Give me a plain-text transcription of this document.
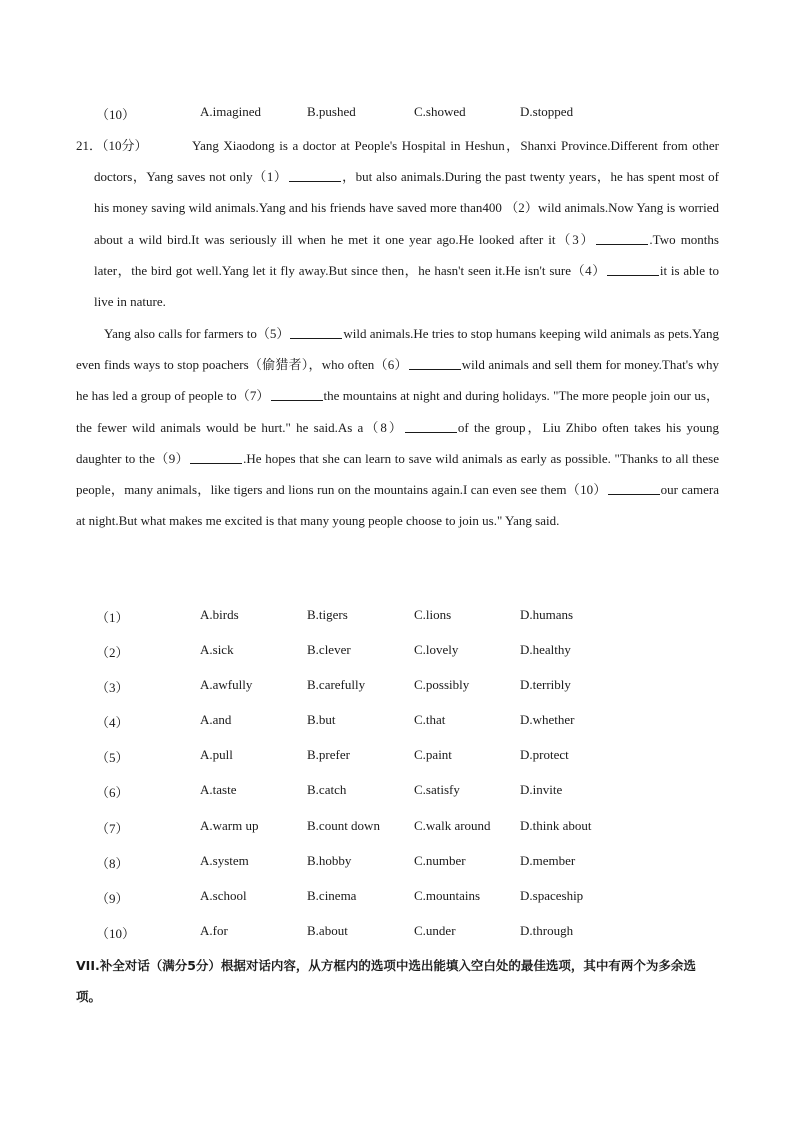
（10）	A.imagined	B.pushed	C.showed	D.stopped

21．（10分）	Yang Xiaodong is a doctor at People's Hospital in Heshun，Shanxi Province.Different from other doctors，Yang saves not only（1）	，but also animals.During the past twenty years，he has spent most of his money saving wild animals.Yang and his friends have saved more than400 （2）wild animals.Now Yang is worried about a wild bird.It was seriously ill when he met it one year ago.He looked after it（3）	.Two months later，the bird got well.Yang let it fly away.But since then，he hasn't seen it.He isn't sure（4）	it is able to live in nature.

Yang also calls for farmers to（5）	wild animals.He tries to stop humans keeping wild animals as pets.Yang even finds ways to stop poachers（偷猎者），who often（6）	wild animals and sell them for money.That's why he has led a group of people to（7）	the mountains at night and during holidays. "The more people join our us，the fewer wild animals would be hurt." he said.As a（8）	of the group，Liu Zhibo often takes his young daughter to the（9）	.He hopes that she can learn to save wild animals as early as possible. "Thanks to all these people，many animals，like tigers and lions run on the mountains again.I can even see them（10）	our camera at night.But what makes me excited is that many young people choose to join us." Yang said.

（1）	A.birds	B.tigers	C.lions	D.humans
（2）	A.sick	B.clever	C.lovely	D.healthy
（3）	A.awfully	B.carefully	C.possibly	D.terribly
（4）	A.and	B.but	C.that	D.whether
（5）	A.pull	B.prefer	C.paint	D.protect
（6）	A.taste	B.catch	C.satisfy	D.invite
（7）	A.warm up	B.count down	C.walk around D.think about
（8）	A.system	B.hobby	C.number	D.member
（9）	A.school	B.cinema	C.mountains	D.spaceship
（10）	A.for	B.about	C.under	D.through
VII.补全对话（满分5分）根据对话内容，从方框内的选项中选出能填入空白处的最佳选项，其中有两个为多余选项。
